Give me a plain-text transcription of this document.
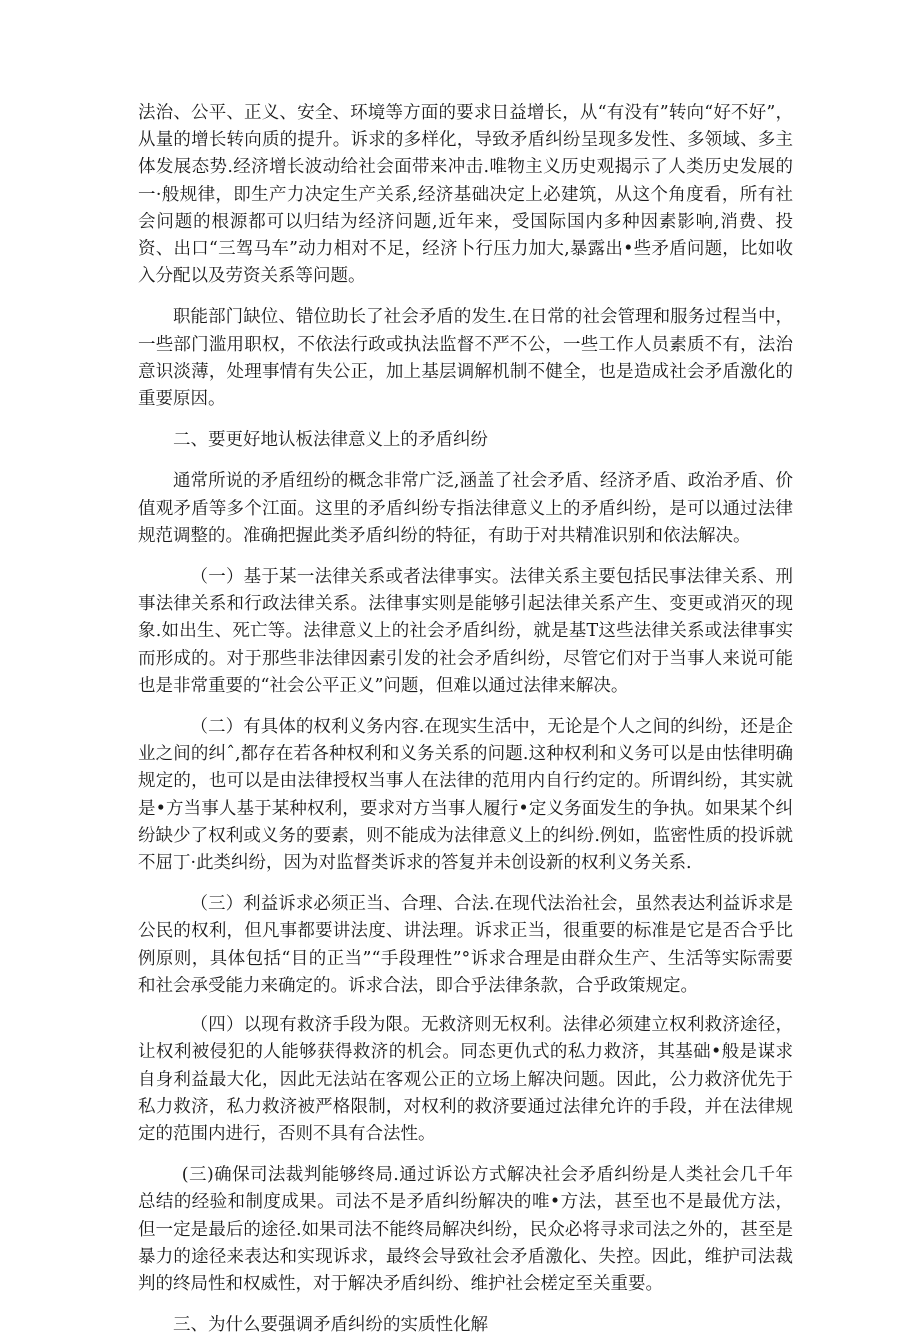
法治、公平、正义、安全、环境等方面的要求日益增长，从“有没有”转向“好不好”，从量的增长转向质的提升。诉求的多样化，导致矛盾纠纷呈现多发性、多领域、多主体发展态势.经济增长波动给社会面带来冲击.唯物主义历史观揭示了人类历史发展的一·般规律，即生产力决定生产关系,经济基础决定上必建筑，从这个角度看，所有社会问题的根源都可以归结为经济问题,近年来，受国际国内多种因素影响,消费、投资、出口“三驾马车”动力相对不足，经济卜行压力加大,暴露出•些矛盾问题，比如收入分配以及劳资关系等问题。

职能部门缺位、错位助长了社会矛盾的发生.在日常的社会管理和服务过程当中，一些部门滥用职权，不依法行政或执法监督不严不公，一些工作人员素质不有，法治意识淡薄，处理事情有失公正，加上基层调解机制不健全，也是造成社会矛盾激化的重要原因。

二、要更好地认板法律意义上的矛盾纠纷

通常所说的矛盾纽纷的概念非常广泛,涵盖了社会矛盾、经济矛盾、政治矛盾、价值观矛盾等多个江面。这里的矛盾纠纷专指法律意义上的矛盾纠纷，是可以通过法律规范调整的。准确把握此类矛盾纠纷的特征，有助于对共精准识别和依法解决。

（一）基于某一法律关系或者法律事实。法律关系主要包括民事法律关系、刑事法律关系和行政法律关系。法律事实则是能够引起法律关系产生、变更或消灭的现象.如出生、死亡等。法律意义上的社会矛盾纠纷，就是基T这些法律关系或法律事实而形成的。对于那些非法律因素引发的社会矛盾纠纷，尽管它们对于当事人来说可能也是非常重要的“社会公平正义”问题，但难以通过法律来解决。

（二）有具体的权利义务内容.在现实生活中，无论是个人之间的纠纷，还是企业之间的纠ˆ,都存在若各种权利和义务关系的问题.这种权利和义务可以是由怯律明确规定的，也可以是由法律授权当事人在法律的范用内自行约定的。所谓纠纷，其实就是•方当事人基于某种权利，要求对方当事人履行•定义务面发生的争执。如果某个纠纷缺少了权利或义务的要素，则不能成为法律意义上的纠纷.例如，监密性质的投诉就不屈丁·此类纠纷，因为对监督类诉求的答复并未创设新的权利义务关系.

（三）利益诉求必须正当、合理、合法.在现代法治社会，虽然表达利益诉求是公民的权利，但凡事都要讲法度、讲法理。诉求正当，很重要的标准是它是否合乎比例原则，具体包括“目的正当”“手段理性”°诉求合理是由群众生产、生活等实际需要和社会承受能力来确定的。诉求合法，即合乎法律条款，合乎政策规定。

（四）以现有救济手段为限。无救济则无权利。法律必须建立权利救济途径，让权利被侵犯的人能够获得救济的机会。同态更仇式的私力救济，其基础•般是谋求自身利益最大化，因此无法站在客观公正的立场上解决问题。因此，公力救济优先于私力救济，私力救济被严格限制，对权利的救济要通过法律允许的手段，并在法律规定的范围内进行，否则不具有合法性。

(三)确保司法裁判能够终局.通过诉讼方式解决社会矛盾纠纷是人类社会几千年总结的经验和制度成果。司法不是矛盾纠纷解决的唯•方法，甚至也不是最优方法，但一定是最后的途径.如果司法不能终局解决纠纷，民众必将寻求司法之外的，甚至是暴力的途径来表达和实现诉求，最终会导致社会矛盾激化、失控。因此，维护司法裁判的终局性和权威性，对于解决矛盾纠纷、维护社会槎定至关重要。

三、为什么要强调矛盾纠纷的实质性化解
